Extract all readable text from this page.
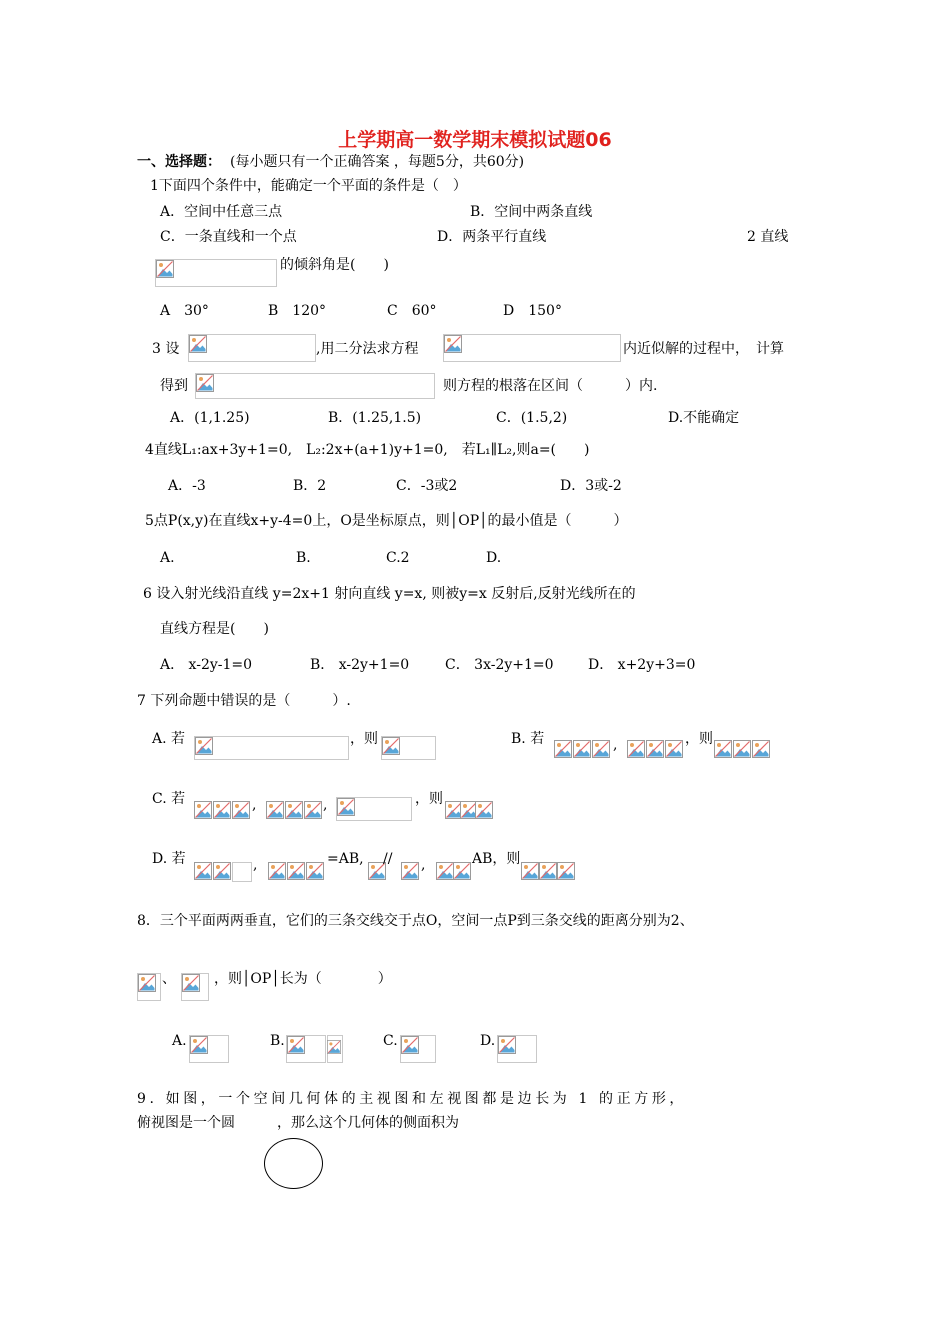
上学期高一数学期末模拟试题06
一、选择题： (每小题只有一个正确答案 ，每题5分，共60分)
1下面四个条件中，能确定一个平面的条件是（　）
A．空间中任意三点	B．空间中两条直线
C．一条直线和一个点	D．两条平行直线	2 直线
的倾斜角是(　　)
A　30°	B　120°	C　60°	D　150°
3 设	,用二分法求方程	内近似解的过程中，　计算
得到	则方程的根落在区间（　　　）内.
A．(1,1.25)	B．(1.25,1.5)	C．(1.5,2)	D.不能确定
4直线L₁:ax+3y+1=0,　L₂:2x+(a+1)y+1=0,　若L₁∥L₂,则a=(　　)
A．-3	B．2	C．-3或2	D．3或-2
5点P(x,y)在直线x+y-4=0上，O是坐标原点，则│OP│的最小值是（　　　）
A.	B.	C.2	D.
6 设入射光线沿直线 y=2x+1 射向直线 y=x, 则被y=x 反射后,反射光线所在的
直线方程是(　　)
A． x-2y-1=0	B． x-2y+1=0	C． 3x-2y+1=0 D． x+2y+3=0
7 下列命题中错误的是（　　　）.
A. 若	，则	B. 若	,	，则
C. 若	,	,	，则
D. 若	,	=AB, // ,	AB，则
8．三个平面两两垂直，它们的三条交线交于点O，空间一点P到三条交线的距离分别为2、
、	，则│OP│长为（　　　　）
A.	B.	C.	D.
9. 如图，一个空间几何体的主视图和左视图都是边长为 1 的正方形，
俯视图是一个圆　　　，那么这个几何体的侧面积为
